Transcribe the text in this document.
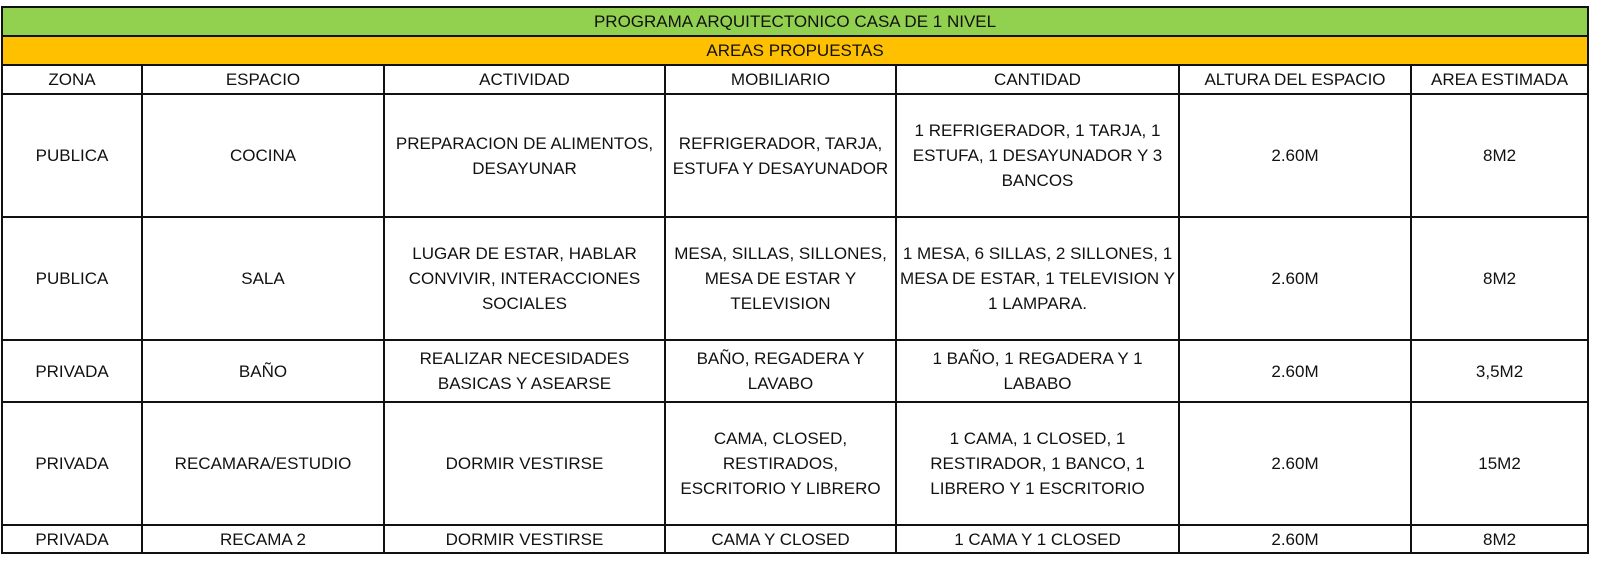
PROGRAMA ARQUITECTONICO CASA DE 1 NIVEL						
AREAS PROPUESTAS						
ZONA	ESPACIO	ACTIVIDAD	MOBILIARIO	CANTIDAD	ALTURA DEL ESPACIO	AREA ESTIMADA
PUBLICA	COCINA	PREPARACION DE ALIMENTOS, DESAYUNAR	REFRIGERADOR, TARJA, ESTUFA Y DESAYUNADOR	1 REFRIGERADOR, 1 TARJA, 1 ESTUFA, 1 DESAYUNADOR Y 3 BANCOS	2.60M	8M2
PUBLICA	SALA	LUGAR DE ESTAR, HABLAR CONVIVIR, INTERACCIONES SOCIALES	MESA, SILLAS, SILLONES, MESA DE ESTAR Y TELEVISION	1 MESA, 6 SILLAS, 2 SILLONES, 1 MESA DE ESTAR, 1 TELEVISION Y 1 LAMPARA.	2.60M	8M2
PRIVADA	BAÑO	REALIZAR NECESIDADES BASICAS Y ASEARSE	BAÑO, REGADERA Y LAVABO	1 BAÑO, 1 REGADERA Y 1 LABABO	2.60M	3,5M2
PRIVADA	RECAMARA/ESTUDIO	DORMIR VESTIRSE	CAMA, CLOSED, RESTIRADOS, ESCRITORIO Y LIBRERO	1 CAMA, 1 CLOSED, 1 RESTIRADOR, 1 BANCO, 1 LIBRERO Y 1 ESCRITORIO	2.60M	15M2
PRIVADA	RECAMA 2	DORMIR VESTIRSE	CAMA Y CLOSED	1 CAMA Y 1 CLOSED	2.60M	8M2
